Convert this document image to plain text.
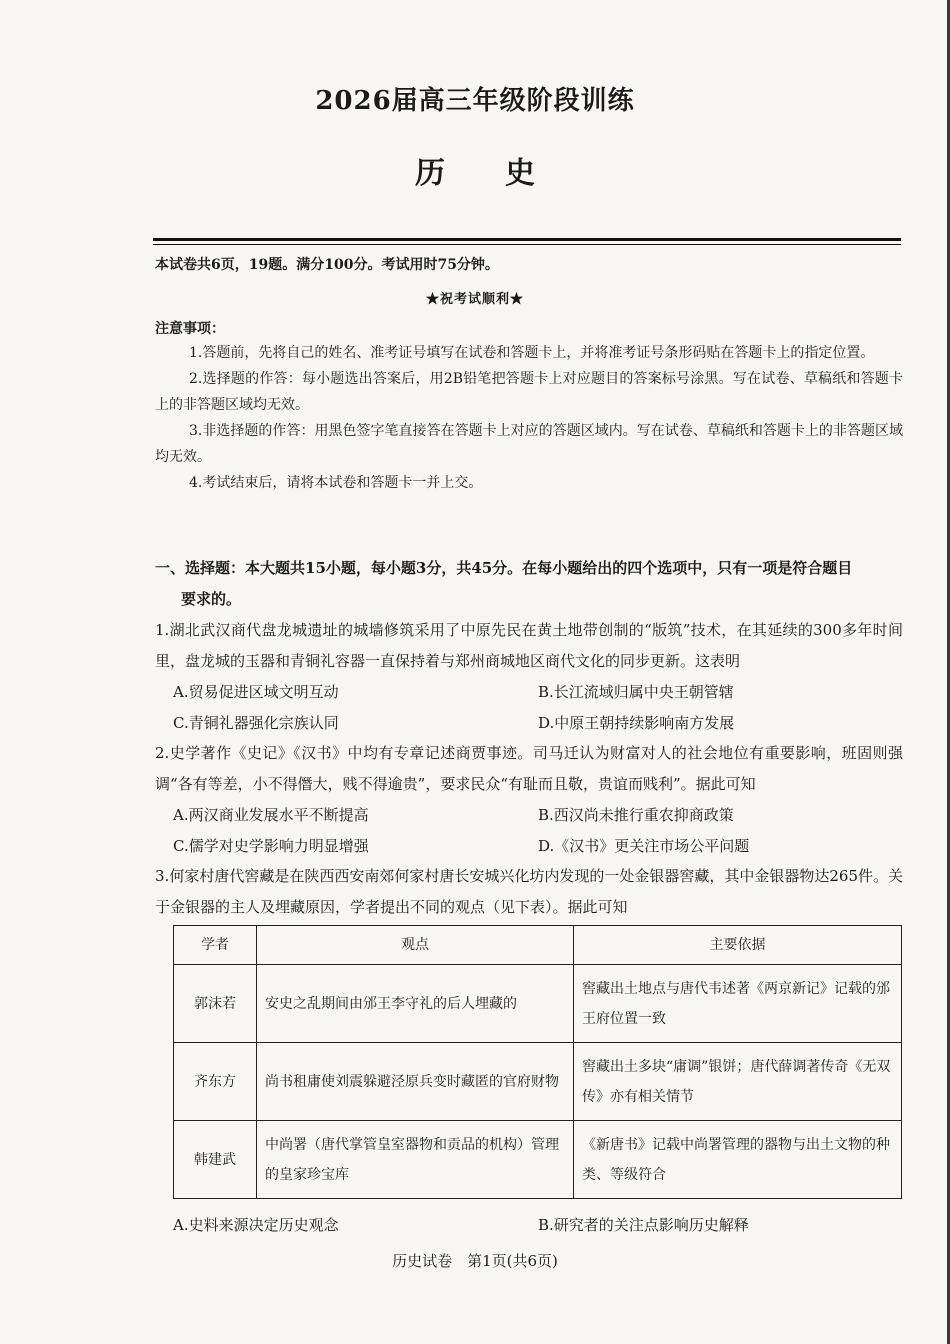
2026届高三年级阶段训练
历史
本试卷共6页，19题。满分100分。考试用时75分钟。
★祝考试顺利★
注意事项：

1.答题前，先将自己的姓名、准考证号填写在试卷和答题卡上，并将准考证号条形码贴在答题卡上的指定位置。

2.选择题的作答：每小题选出答案后，用2B铅笔把答题卡上对应题目的答案标号涂黑。写在试卷、草稿纸和答题卡上的非答题区域均无效。

3.非选择题的作答：用黑色签字笔直接答在答题卡上对应的答题区域内。写在试卷、草稿纸和答题卡上的非答题区域均无效。

4.考试结束后，请将本试卷和答题卡一并上交。

一、选择题：本大题共15小题，每小题3分，共45分。在每小题给出的四个选项中，只有一项是符合题目
要求的。
1.湖北武汉商代盘龙城遗址的城墙修筑采用了中原先民在黄土地带创制的“版筑”技术，在其延续的300多年时间里，盘龙城的玉器和青铜礼容器一直保持着与郑州商城地区商代文化的同步更新。这表明
A.贸易促进区域文明互动	B.长江流域归属中央王朝管辖
C.青铜礼器强化宗族认同	D.中原王朝持续影响南方发展
2.史学著作《史记》《汉书》中均有专章记述商贾事迹。司马迁认为财富对人的社会地位有重要影响，班固则强调“各有等差，小不得僭大，贱不得逾贵”，要求民众“有耻而且敬，贵谊而贱利”。据此可知
A.两汉商业发展水平不断提高	B.西汉尚未推行重农抑商政策
C.儒学对史学影响力明显增强	D.《汉书》更关注市场公平问题
3.何家村唐代窖藏是在陕西西安南郊何家村唐长安城兴化坊内发现的一处金银器窖藏，其中金银器物达265件。关于金银器的主人及埋藏原因，学者提出不同的观点（见下表）。据此可知
学者	观点	主要依据
郭沫若	安史之乱期间由邠王李守礼的后人埋藏的	窖藏出土地点与唐代韦述著《两京新记》记载的邠王府位置一致
齐东方	尚书租庸使刘震躲避泾原兵变时藏匿的官府财物	窖藏出土多块“庸调”银饼；唐代薛调著传奇《无双传》亦有相关情节
韩建武	中尚署（唐代掌管皇室器物和贡品的机构）管理的皇家珍宝库	《新唐书》记载中尚署管理的器物与出土文物的种类、等级符合
A.史料来源决定历史观念	B.研究者的关注点影响历史解释
历史试卷　第1页(共6页)
